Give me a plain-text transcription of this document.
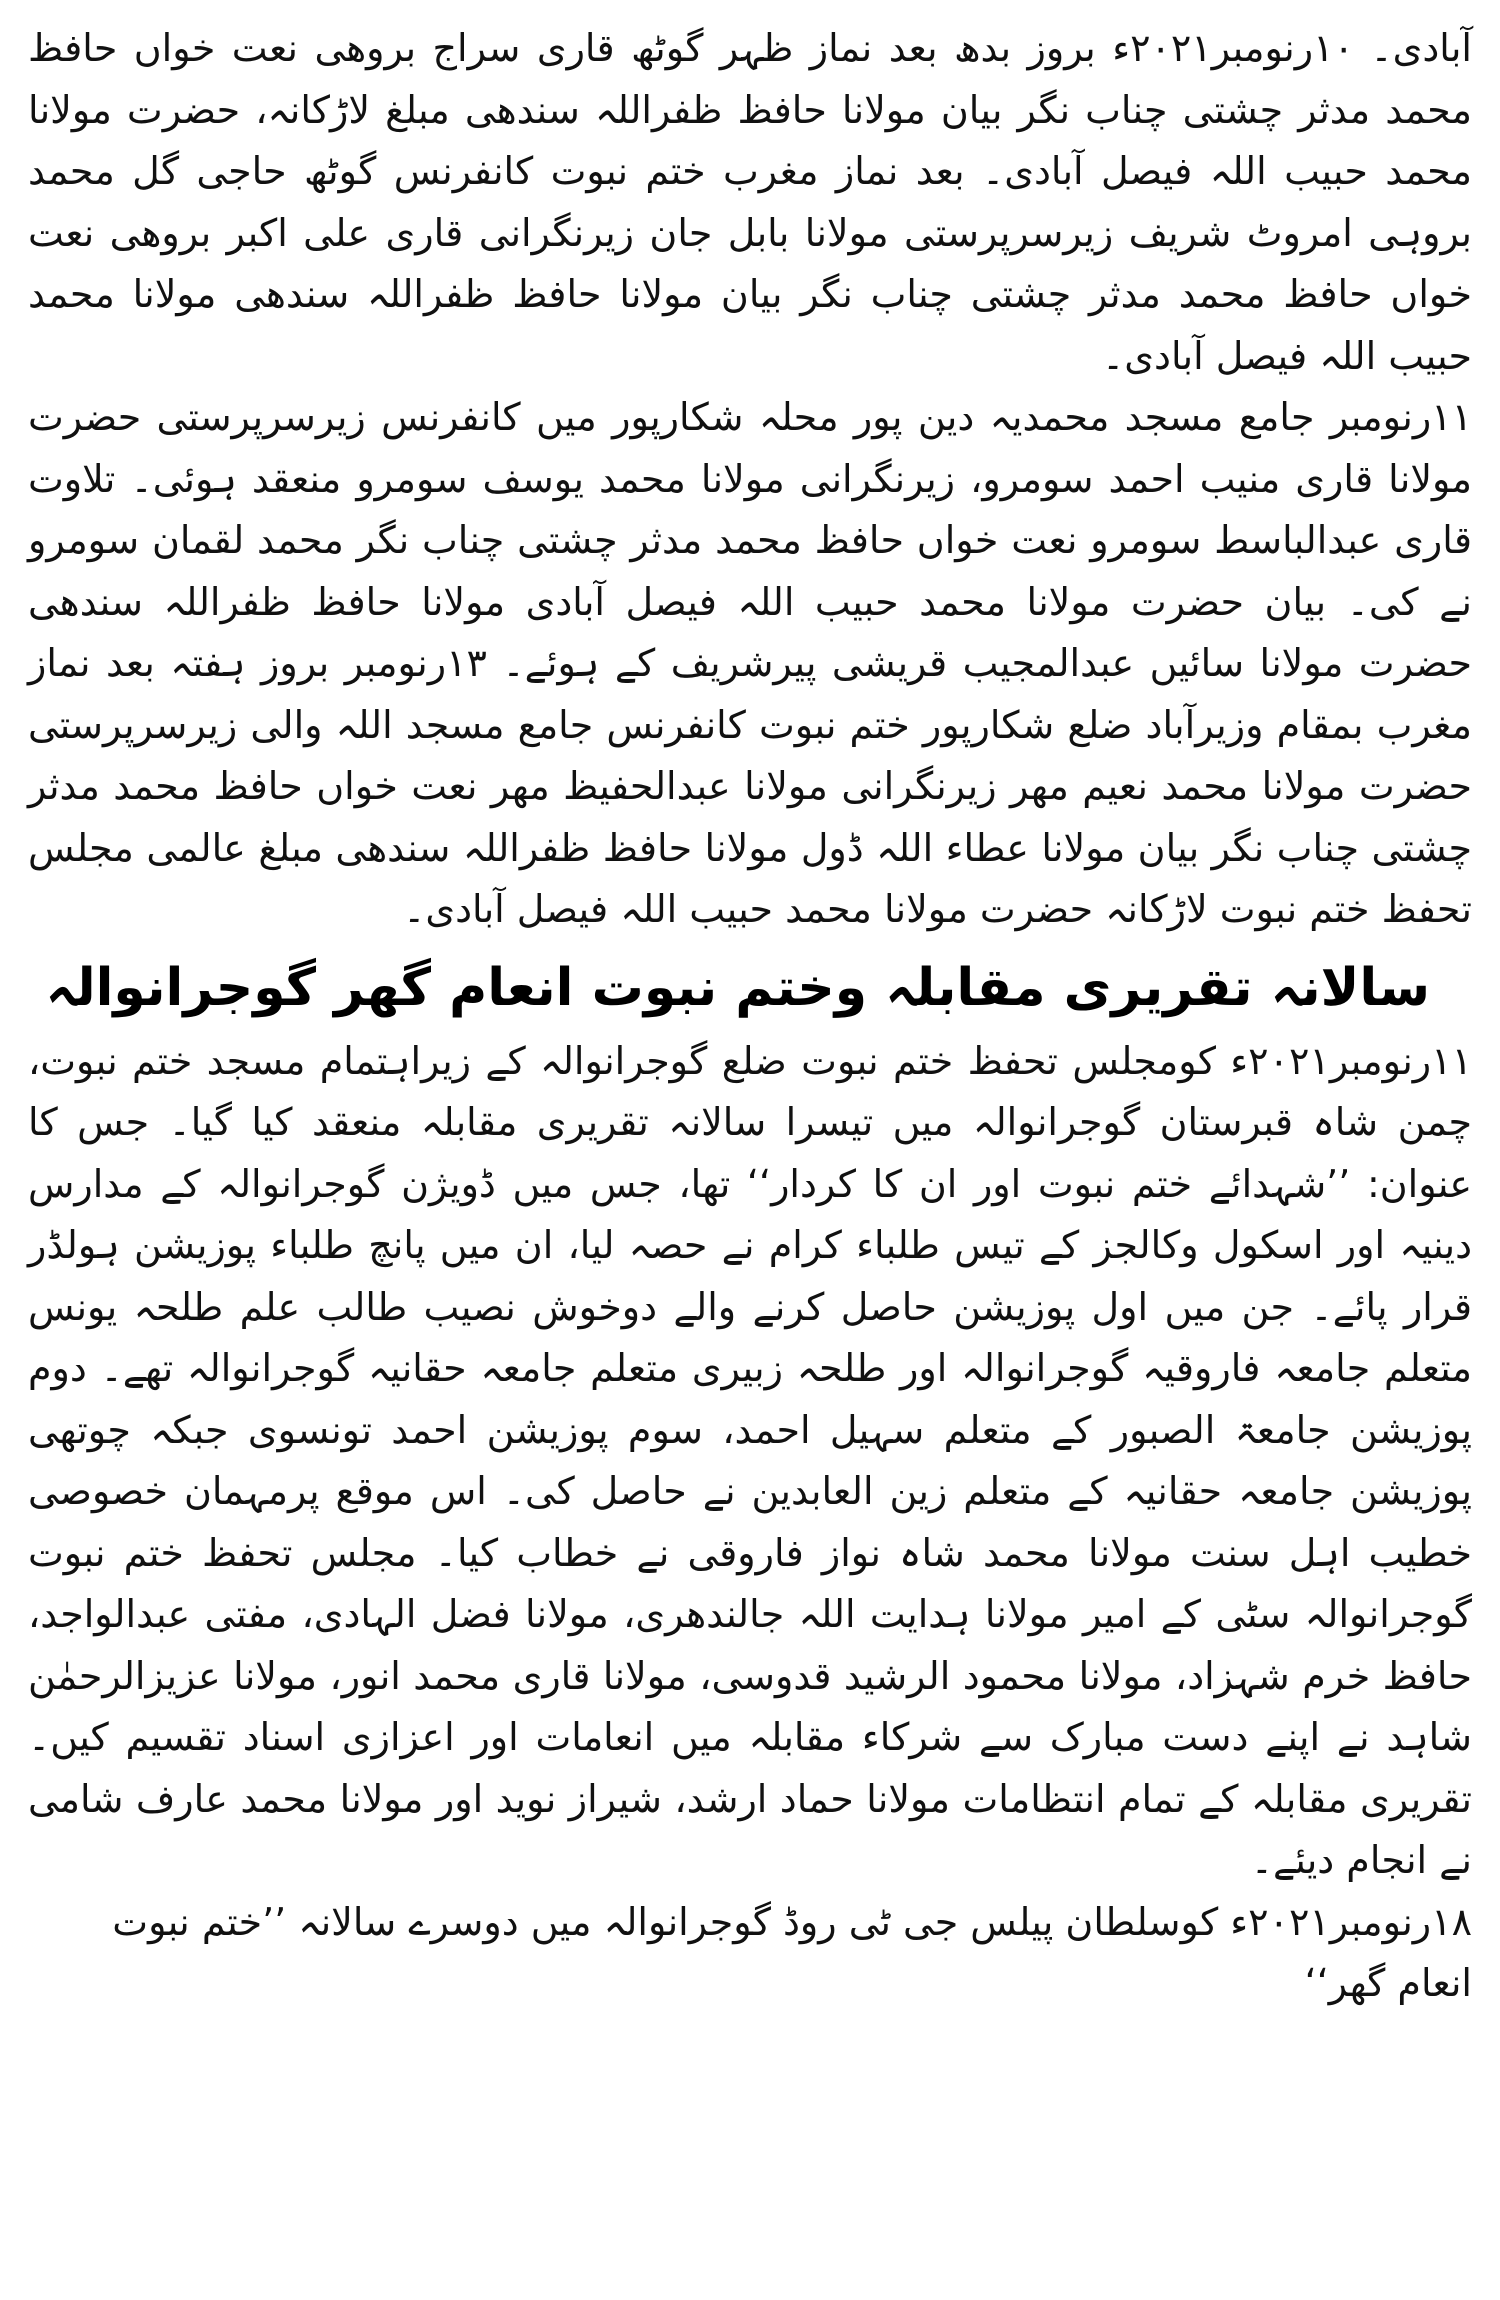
آبادی۔ ۱۰رنومبر۲۰۲۱ء بروز بدھ بعد نماز ظہر گوٹھ قاری سراج بروھی نعت خواں حافظ محمد مدثر چشتی چناب نگر بیان مولانا حافظ ظفراللہ سندھی مبلغ لاڑکانہ، حضرت مولانا محمد حبیب اللہ فیصل آبادی۔ بعد نماز مغرب ختم نبوت کانفرنس گوٹھ حاجی گل محمد بروہی امروٹ شریف زیرسرپرستی مولانا بابل جان زیرنگرانی قاری علی اکبر بروھی نعت خواں حافظ محمد مدثر چشتی چناب نگر بیان مولانا حافظ ظفراللہ سندھی مولانا محمد حبیب اللہ فیصل آبادی۔

۱۱رنومبر جامع مسجد محمدیہ دین پور محلہ شکارپور میں کانفرنس زیرسرپرستی حضرت مولانا قاری منیب احمد سومرو، زیرنگرانی مولانا محمد یوسف سومرو منعقد ہوئی۔ تلاوت قاری عبدالباسط سومرو نعت خواں حافظ محمد مدثر چشتی چناب نگر محمد لقمان سومرو نے کی۔ بیان حضرت مولانا محمد حبیب اللہ فیصل آبادی مولانا حافظ ظفراللہ سندھی حضرت مولانا سائیں عبدالمجیب قریشی پیرشریف کے ہوئے۔ ۱۳رنومبر بروز ہفتہ بعد نماز مغرب بمقام وزیرآباد ضلع شکارپور ختم نبوت کانفرنس جامع مسجد اللہ والی زیرسرپرستی حضرت مولانا محمد نعیم مھر زیرنگرانی مولانا عبدالحفیظ مھر نعت خواں حافظ محمد مدثر چشتی چناب نگر بیان مولانا عطاء اللہ ڈول مولانا حافظ ظفراللہ سندھی مبلغ عالمی مجلس تحفظ ختم نبوت لاڑکانہ حضرت مولانا محمد حبیب اللہ فیصل آبادی۔

سالانہ تقریری مقابلہ وختم نبوت انعام گھر گوجرانوالہ

۱۱رنومبر۲۰۲۱ء کومجلس تحفظ ختم نبوت ضلع گوجرانوالہ کے زیراہتمام مسجد ختم نبوت، چمن شاہ قبرستان گوجرانوالہ میں تیسرا سالانہ تقریری مقابلہ منعقد کیا گیا۔ جس کا عنوان: ’’شہدائے ختم نبوت اور ان کا کردار‘‘ تھا، جس میں ڈویژن گوجرانوالہ کے مدارس دینیہ اور اسکول وکالجز کے تیس طلباء کرام نے حصہ لیا، ان میں پانچ طلباء پوزیشن ہولڈر قرار پائے۔ جن میں اول پوزیشن حاصل کرنے والے دوخوش نصیب طالب علم طلحہ یونس متعلم جامعہ فاروقیہ گوجرانوالہ اور طلحہ زبیری متعلم جامعہ حقانیہ گوجرانوالہ تھے۔ دوم پوزیشن جامعۃ الصبور کے متعلم سہیل احمد، سوم پوزیشن احمد تونسوی جبکہ چوتھی پوزیشن جامعہ حقانیہ کے متعلم زین العابدین نے حاصل کی۔ اس موقع پرمہمان خصوصی خطیب اہل سنت مولانا محمد شاہ نواز فاروقی نے خطاب کیا۔ مجلس تحفظ ختم نبوت گوجرانوالہ سٹی کے امیر مولانا ہدایت اللہ جالندھری، مولانا فضل الہادی، مفتی عبدالواجد، حافظ خرم شہزاد، مولانا محمود الرشید قدوسی، مولانا قاری محمد انور، مولانا عزیزالرحمٰن شاہد نے اپنے دست مبارک سے شرکاء مقابلہ میں انعامات اور اعزازی اسناد تقسیم کیں۔ تقریری مقابلہ کے تمام انتظامات مولانا حماد ارشد، شیراز نوید اور مولانا محمد عارف شامی نے انجام دیئے۔

۱۸رنومبر۲۰۲۱ء کوسلطان پیلس جی ٹی روڈ گوجرانوالہ میں دوسرے سالانہ ’’ختم نبوت انعام گھر‘‘
